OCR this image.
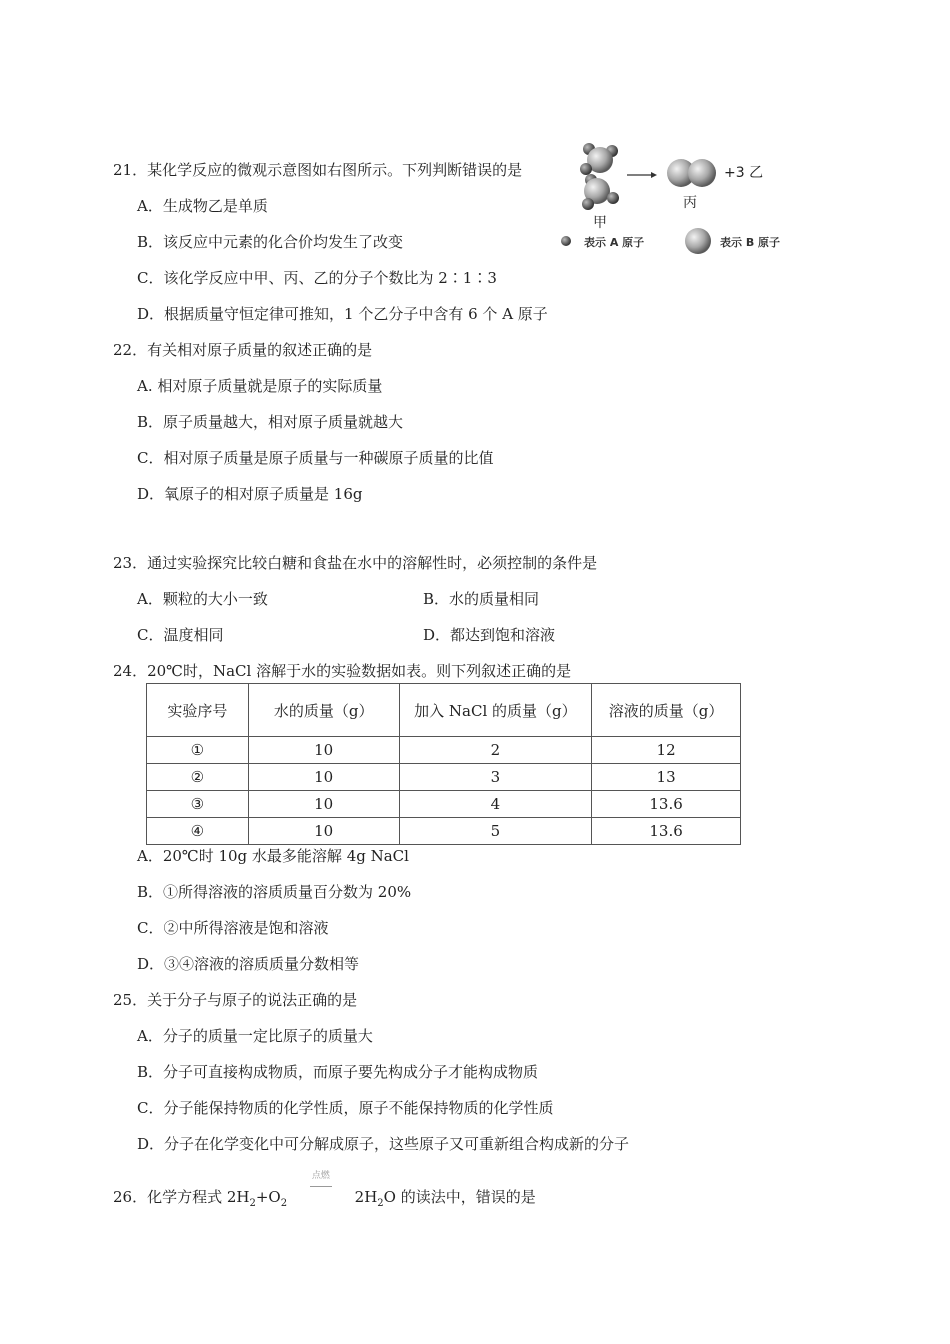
21．某化学反应的微观示意图如右图所示。下列判断错误的是
A．生成物乙是单质
B．该反应中元素的化合价均发生了改变
C．该化学反应中甲、丙、乙的分子个数比为 2∶1∶3
D．根据质量守恒定律可推知，1 个乙分子中含有 6 个 A 原子
+3 乙
甲
丙
表示 A 原子	表示 B 原子
22．有关相对原子质量的叙述正确的是
A. 相对原子质量就是原子的实际质量
B．原子质量越大，相对原子质量就越大
C．相对原子质量是原子质量与一种碳原子质量的比值
D．氧原子的相对原子质量是 16g
23．通过实验探究比较白糖和食盐在水中的溶解性时，必须控制的条件是
A．颗粒的大小一致	B．水的质量相同
C．温度相同	D．都达到饱和溶液
24．20℃时，NaCl 溶解于水的实验数据如表。则下列叙述正确的是
实验序号	水的质量（g）	加入 NaCl 的质量（g）	溶液的质量（g）
①	10	2	12
②	10	3	13
③	10	4	13.6
④	10	5	13.6
A．20℃时 10g 水最多能溶解 4g NaCl
B．①所得溶液的溶质质量百分数为 20%
C．②中所得溶液是饱和溶液
D．③④溶液的溶质质量分数相等
25．关于分子与原子的说法正确的是
A．分子的质量一定比原子的质量大
B．分子可直接构成物质，而原子要先构成分子才能构成物质
C．分子能保持物质的化学性质，原子不能保持物质的化学性质
D．分子在化学变化中可分解成原子，这些原子又可重新组合构成新的分子
26．化学方程式 $2H_2+O_2$ 点燃
$2H_2O$ 的读法中，错误的是
